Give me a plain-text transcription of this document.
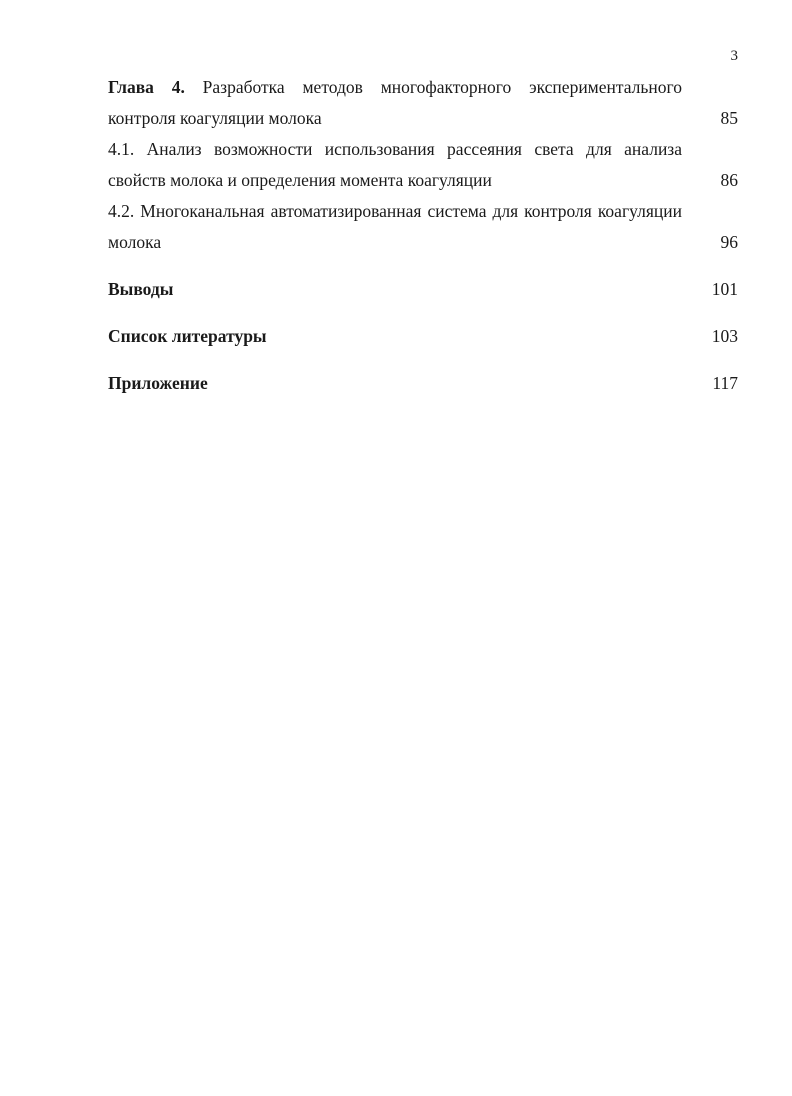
3
Глава 4. Разработка методов многофакторного экспериментального контроля коагуляции молока	85
4.1. Анализ возможности использования рассеяния света для анализа свойств молока и определения момента коагуляции	86
4.2. Многоканальная автоматизированная система для контроля коагуляции молока	96
Выводы	101
Список литературы	103
Приложение	117
